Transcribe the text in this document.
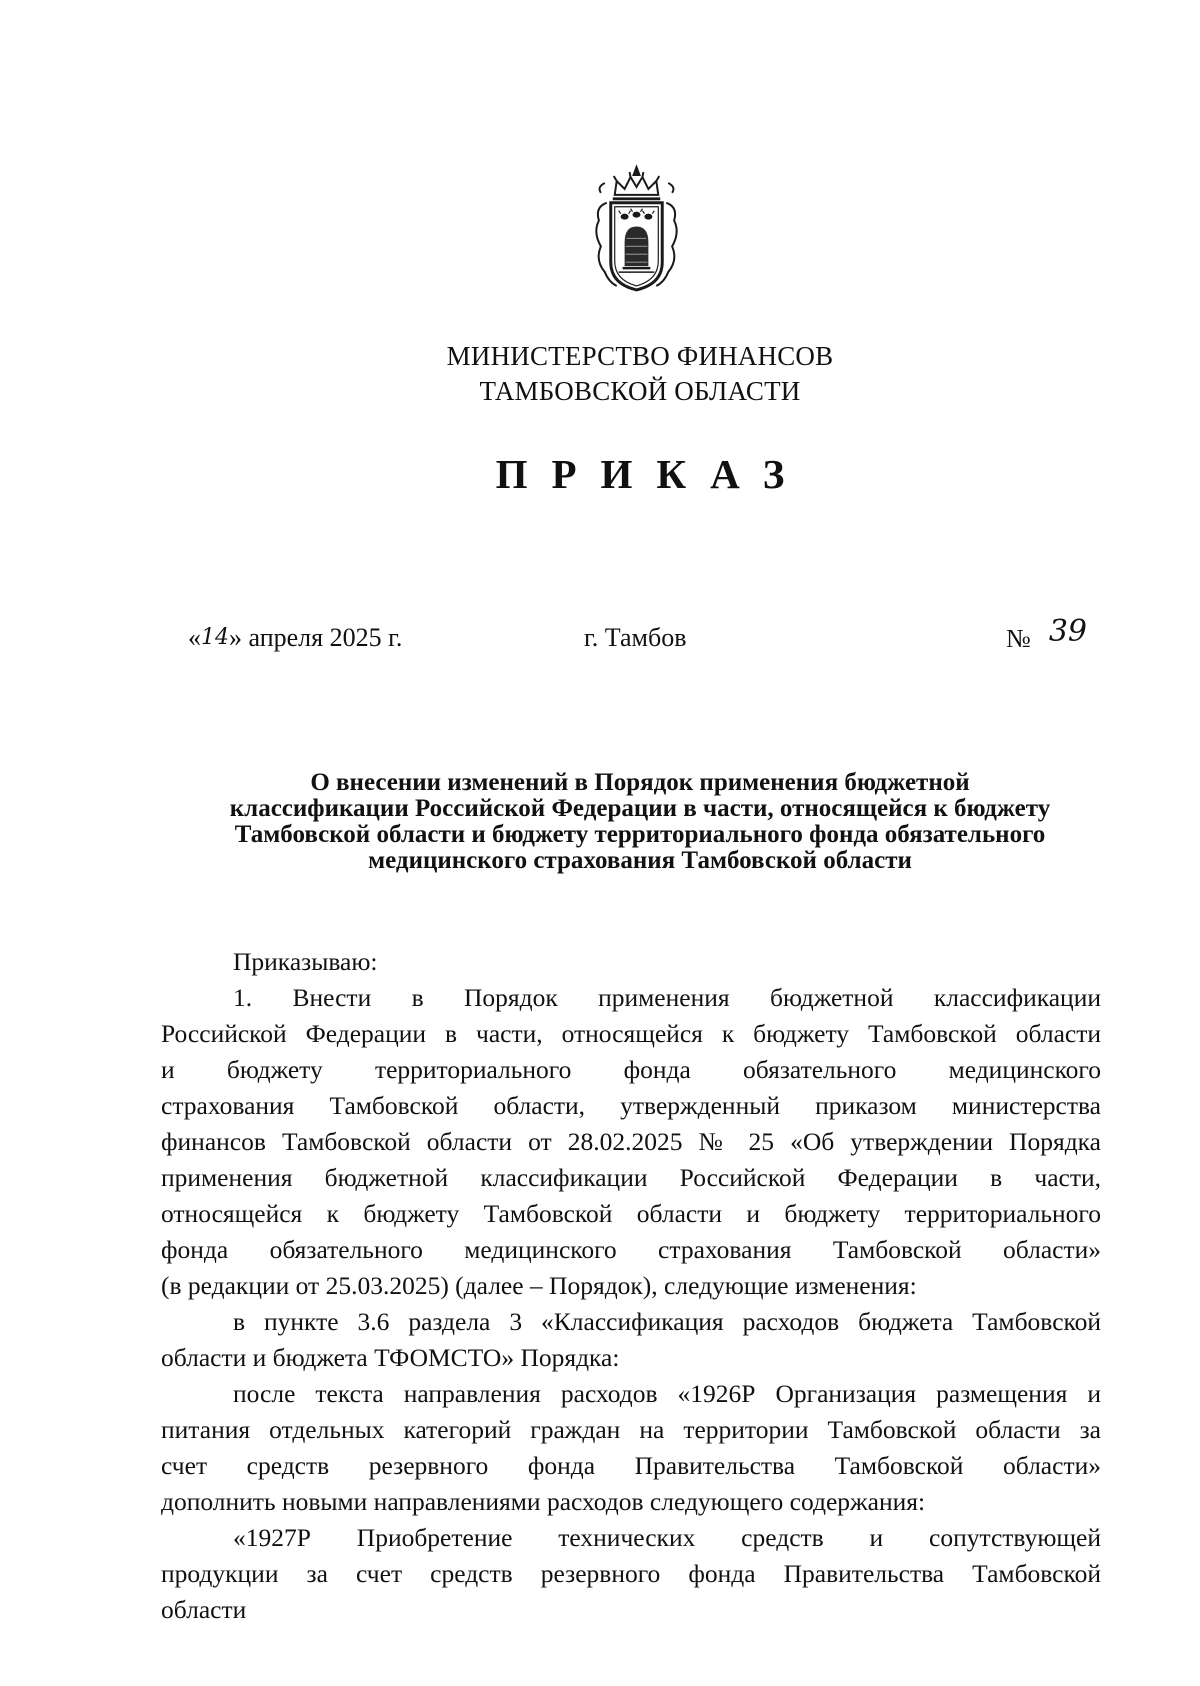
МИНИСТЕРСТВО ФИНАНСОВ
ТАМБОВСКОЙ ОБЛАСТИ
ПРИКАЗ
«14» апреля 2025 г.	г. Тамбов	№ 39
О внесении изменений в Порядок применения бюджетной
классификации Российской Федерации в части, относящейся к бюджету
Тамбовской области и бюджету территориального фонда обязательного
медицинского страхования Тамбовской области
Приказываю:
1. Внести в Порядок применения бюджетной классификации
Российской Федерации в части, относящейся к бюджету Тамбовской области
и бюджету территориального фонда обязательного медицинского
страхования Тамбовской области, утвержденный приказом министерства
финансов Тамбовской области от 28.02.2025 № 25 «Об утверждении Порядка
применения бюджетной классификации Российской Федерации в части,
относящейся к бюджету Тамбовской области и бюджету территориального
фонда обязательного медицинского страхования Тамбовской области»
(в редакции от 25.03.2025) (далее – Порядок), следующие изменения:
в пункте 3.6 раздела 3 «Классификация расходов бюджета Тамбовской
области и бюджета ТФОМСТО» Порядка:
после текста направления расходов «1926Р Организация размещения и
питания отдельных категорий граждан на территории Тамбовской области за
счет средств резервного фонда Правительства Тамбовской области»
дополнить новыми направлениями расходов следующего содержания:
«1927Р Приобретение технических средств и сопутствующей
продукции за счет средств резервного фонда Правительства Тамбовской
области
